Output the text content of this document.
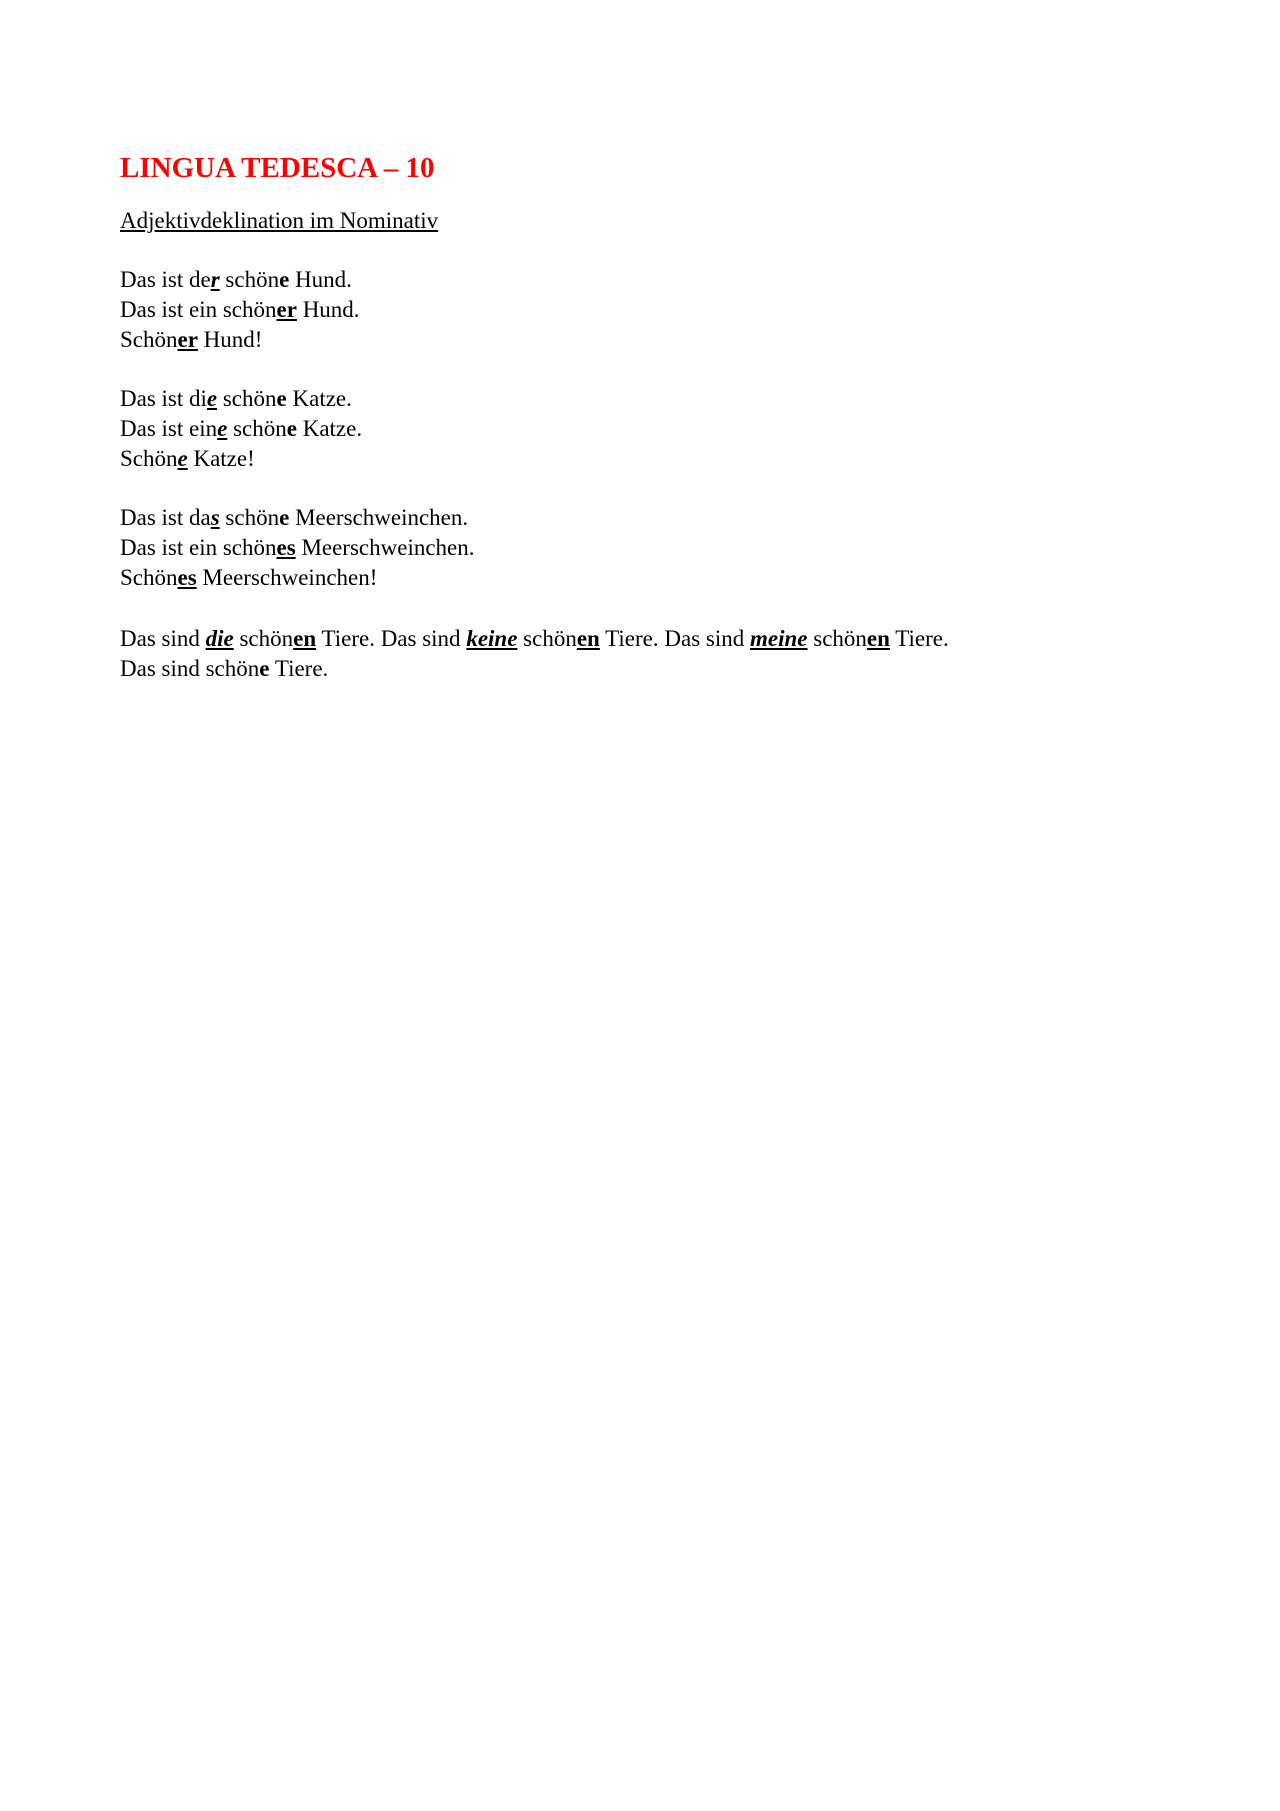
LINGUA TEDESCA – 10
Adjektivdeklination im Nominativ
Das ist der schöne Hund.
Das ist ein schöner Hund.
Schöner Hund!
Das ist die schöne Katze.
Das ist eine schöne Katze.
Schöne Katze!
Das ist das schöne Meerschweinchen.
Das ist ein schönes Meerschweinchen.
Schönes Meerschweinchen!
Das sind die schönen Tiere. Das sind keine schönen Tiere. Das sind meine schönen Tiere.
Das sind schöne Tiere.
